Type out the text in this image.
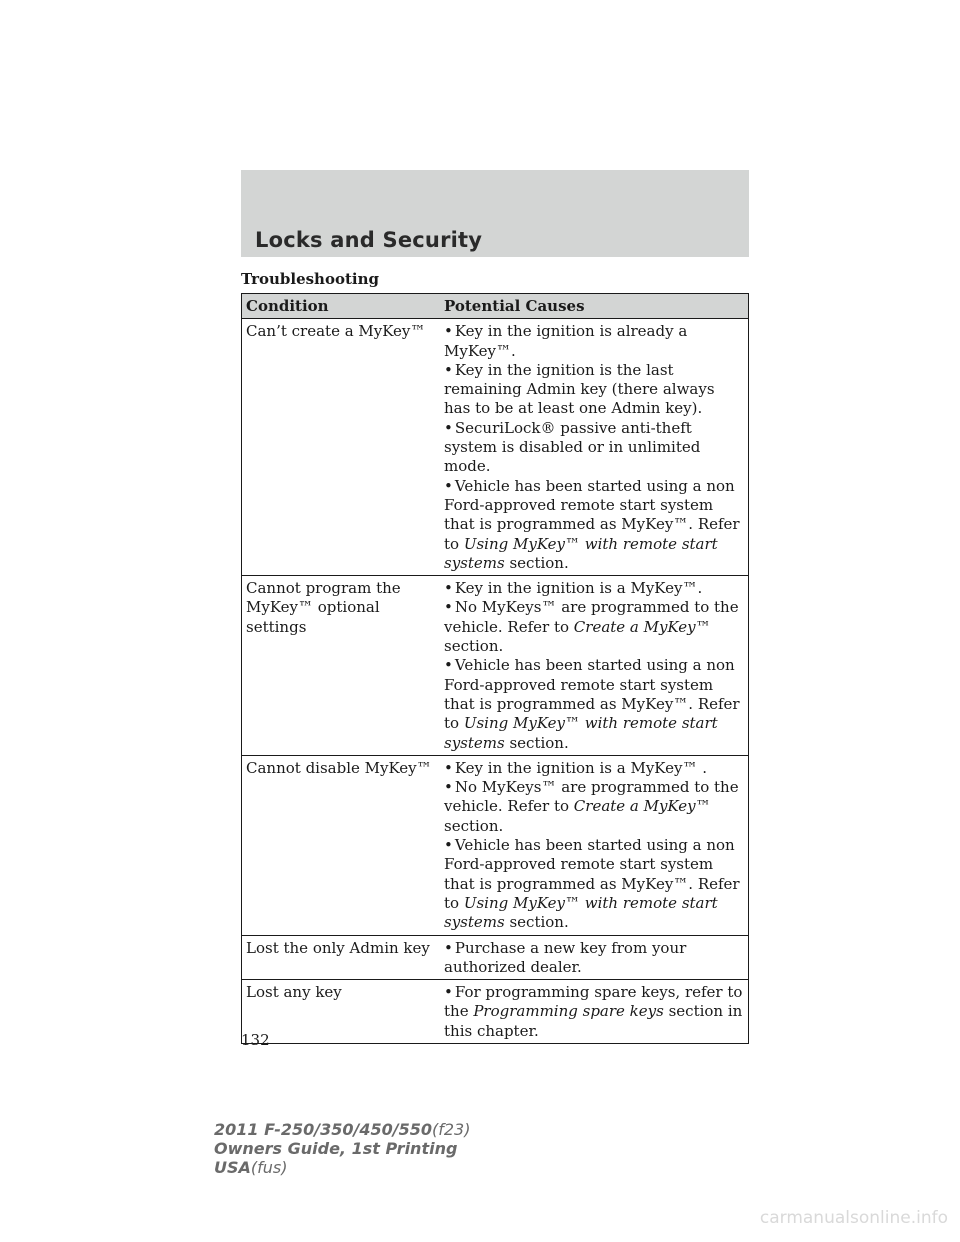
Locks and Security
Troubleshooting
Condition	Potential Causes
Can’t create a MyKey™	• Key in the ignition is already a MyKey™.
• Key in the ignition is the last remaining Admin key (there always has to be at least one Admin key).
• SecuriLock® passive anti-theft system is disabled or in unlimited mode.
• Vehicle has been started using a non Ford-approved remote start system that is programmed as MyKey™. Refer to Using MyKey™ with remote start systems section.

Cannot program the MyKey™ optional settings	• Key in the ignition is a MyKey™.
• No MyKeys™ are programmed to the vehicle. Refer to Create a MyKey™ section.
• Vehicle has been started using a non Ford-approved remote start system that is programmed as MyKey™. Refer to Using MyKey™ with remote start systems section.

Cannot disable MyKey™	• Key in the ignition is a MyKey™ .
• No MyKeys™ are programmed to the vehicle. Refer to Create a MyKey™ section.
• Vehicle has been started using a non Ford-approved remote start system that is programmed as MyKey™. Refer to Using MyKey™ with remote start systems section.

Lost the only Admin key	• Purchase a new key from your authorized dealer.

Lost any key	• For programming spare keys, refer to the Programming spare keys section in this chapter.
132
2011 F-250/350/450/550(f23)
Owners Guide, 1st Printing
USA(fus)
carmanualsonline.info
